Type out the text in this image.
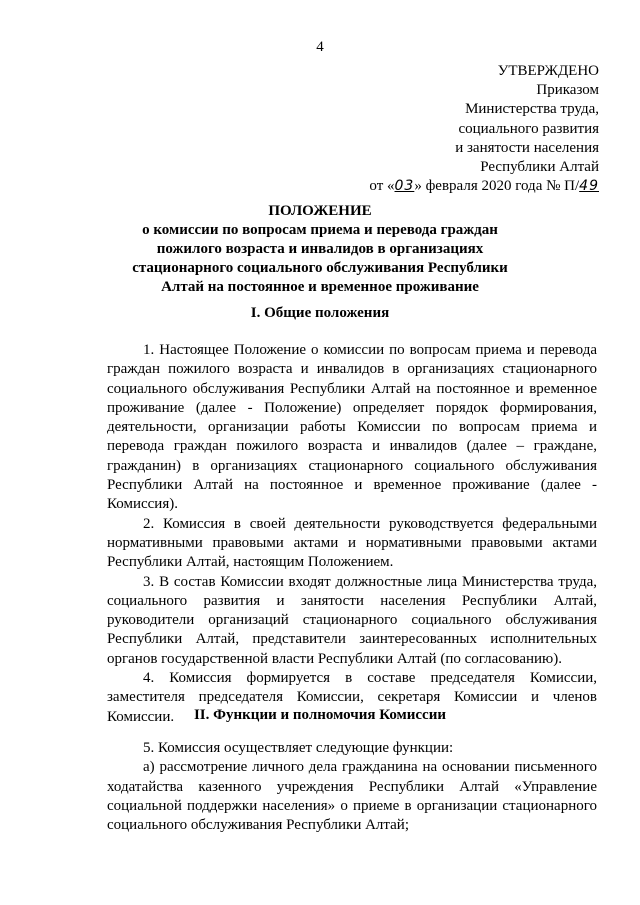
4
УТВЕРЖДЕНО
Приказом
Министерства труда,
социального развития
и занятости населения
Республики Алтай
от «03» февраля 2020 года № П/49
ПОЛОЖЕНИЕ
о комиссии по вопросам приема и перевода граждан пожилого возраста и инвалидов в организациях стационарного социального обслуживания Республики Алтай на постоянное и временное проживание
I. Общие положения

1. Настоящее Положение о комиссии по вопросам приема и перевода граждан пожилого возраста и инвалидов в организациях стационарного социального обслуживания Республики Алтай на постоянное и временное проживание (далее - Положение) определяет порядок формирования, деятельности, организации работы Комиссии по вопросам приема и перевода граждан пожилого возраста и инвалидов (далее – граждане, гражданин) в организациях стационарного социального обслуживания Республики Алтай на постоянное и временное проживание (далее - Комиссия).

2. Комиссия в своей деятельности руководствуется федеральными нормативными правовыми актами и нормативными правовыми актами Республики Алтай, настоящим Положением.

3. В состав Комиссии входят должностные лица Министерства труда, социального развития и занятости населения Республики Алтай, руководители организаций стационарного социального обслуживания Республики Алтай, представители заинтересованных исполнительных органов государственной власти Республики Алтай (по согласованию).

4. Комиссия формируется в составе председателя Комиссии, заместителя председателя Комиссии, секретаря Комиссии и членов Комиссии.	II. Функции и полномочия Комиссии

5. Комиссия осуществляет следующие функции:

а) рассмотрение личного дела гражданина на основании письменного ходатайства казенного учреждения Республики Алтай «Управление социальной поддержки населения» о приеме в организации стационарного социального обслуживания Республики Алтай;
